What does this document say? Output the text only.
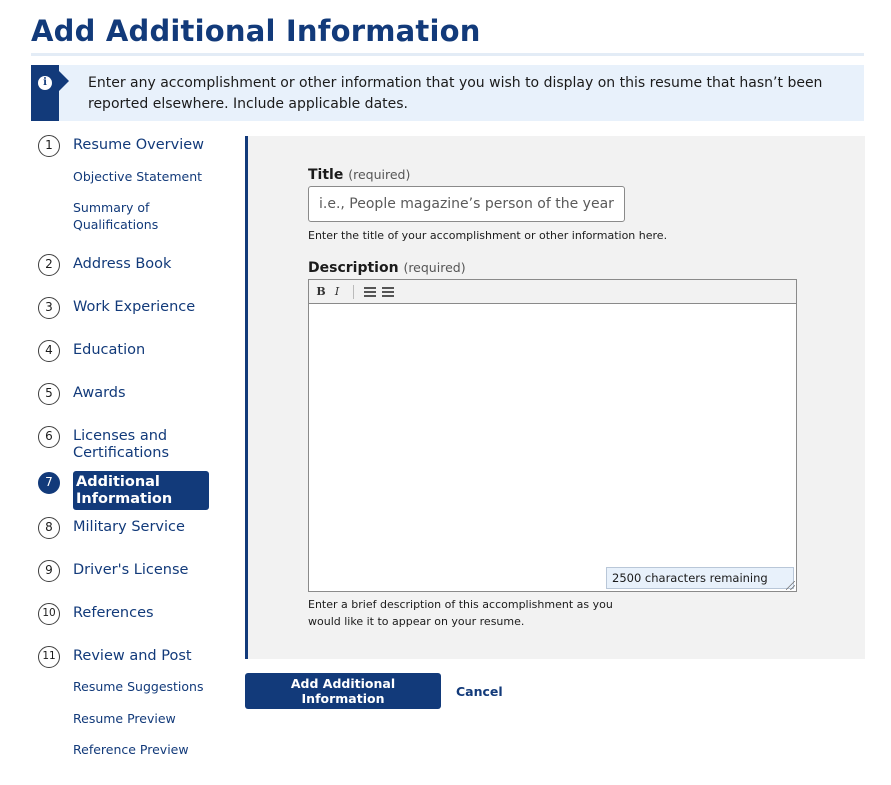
Add Additional Information
i	Enter any accomplishment or other information that you wish to display on this resume that hasn’t been reported elsewhere. Include applicable dates.
1	Resume Overview
Objective Statement
Summary of Qualifications
2	Address Book
3	Work Experience
4	Education
5	Awards
6	Licenses and Certifications
7	Additional Information
8	Military Service
9	Driver's License
10 References
11 Review and Post
Resume Suggestions
Resume Preview
Reference Preview
Title (required)
i.e., People magazine’s person of the year
Enter the title of your accomplishment or other information here.
Description (required)
B I
2500 characters remaining
Enter a brief description of this accomplishment as you
would like it to appear on your resume.
Add Additional Information	Cancel
